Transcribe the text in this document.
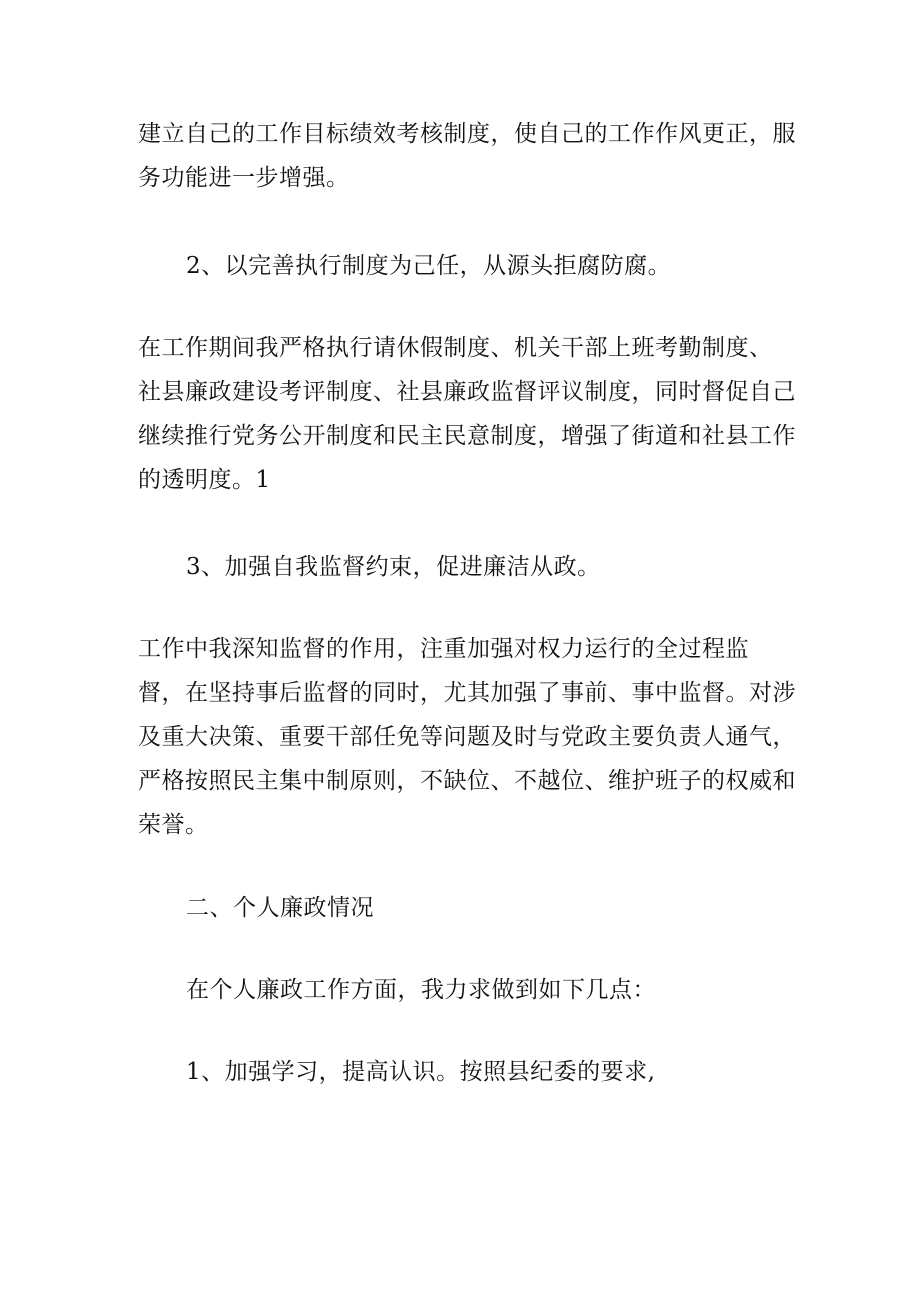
建立自己的工作目标绩效考核制度，使自己的工作作风更正，服
务功能进一步增强。
2、以完善执行制度为己任，从源头拒腐防腐。
在工作期间我严格执行请休假制度、机关干部上班考勤制度、
社县廉政建设考评制度、社县廉政监督评议制度，同时督促自己
继续推行党务公开制度和民主民意制度，增强了街道和社县工作
的透明度。1
3、加强自我监督约束，促进廉洁从政。
工作中我深知监督的作用，注重加强对权力运行的全过程监
督，在坚持事后监督的同时，尤其加强了事前、事中监督。对涉
及重大决策、重要干部任免等问题及时与党政主要负责人通气，
严格按照民主集中制原则，不缺位、不越位、维护班子的权威和
荣誉。
二、个人廉政情况
在个人廉政工作方面，我力求做到如下几点：
1、加强学习，提高认识。按照县纪委的要求,
